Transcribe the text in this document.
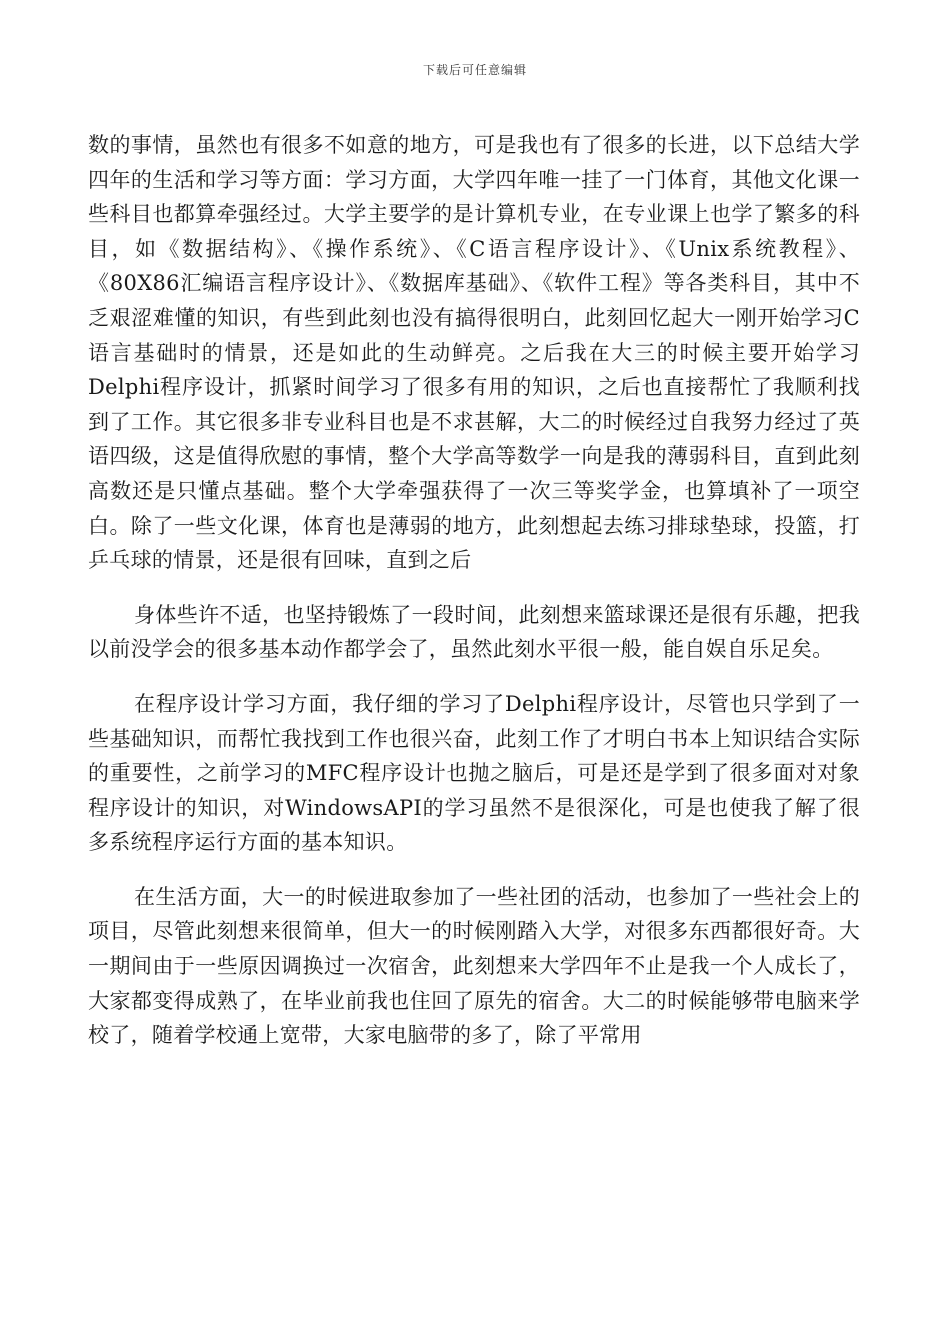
下载后可任意编辑

数的事情，虽然也有很多不如意的地方，可是我也有了很多的长进，以下总结大学四年的生活和学习等方面：学习方面，大学四年唯一挂了一门体育，其他文化课一些科目也都算牵强经过。大学主要学的是计算机专业，在专业课上也学了繁多的科目，如《数据结构》、《操作系统》、《C语言程序设计》、《Unix系统教程》、《80X86汇编语言程序设计》、《数据库基础》、《软件工程》等各类科目，其中不乏艰涩难懂的知识，有些到此刻也没有搞得很明白，此刻回忆起大一刚开始学习C语言基础时的情景，还是如此的生动鲜亮。之后我在大三的时候主要开始学习Delphi程序设计，抓紧时间学习了很多有用的知识，之后也直接帮忙了我顺利找到了工作。其它很多非专业科目也是不求甚解，大二的时候经过自我努力经过了英语四级，这是值得欣慰的事情，整个大学高等数学一向是我的薄弱科目，直到此刻高数还是只懂点基础。整个大学牵强获得了一次三等奖学金，也算填补了一项空白。除了一些文化课，体育也是薄弱的地方，此刻想起去练习排球垫球，投篮，打乒乓球的情景，还是很有回味，直到之后

身体些许不适，也坚持锻炼了一段时间，此刻想来篮球课还是很有乐趣，把我以前没学会的很多基本动作都学会了，虽然此刻水平很一般，能自娱自乐足矣。

在程序设计学习方面，我仔细的学习了Delphi程序设计，尽管也只学到了一些基础知识，而帮忙我找到工作也很兴奋，此刻工作了才明白书本上知识结合实际的重要性，之前学习的MFC程序设计也抛之脑后，可是还是学到了很多面对对象程序设计的知识，对WindowsAPI的学习虽然不是很深化，可是也使我了解了很多系统程序运行方面的基本知识。

在生活方面，大一的时候进取参加了一些社团的活动，也参加了一些社会上的项目，尽管此刻想来很简单，但大一的时候刚踏入大学，对很多东西都很好奇。大一期间由于一些原因调换过一次宿舍，此刻想来大学四年不止是我一个人成长了，大家都变得成熟了，在毕业前我也住回了原先的宿舍。大二的时候能够带电脑来学校了，随着学校通上宽带，大家电脑带的多了，除了平常用
